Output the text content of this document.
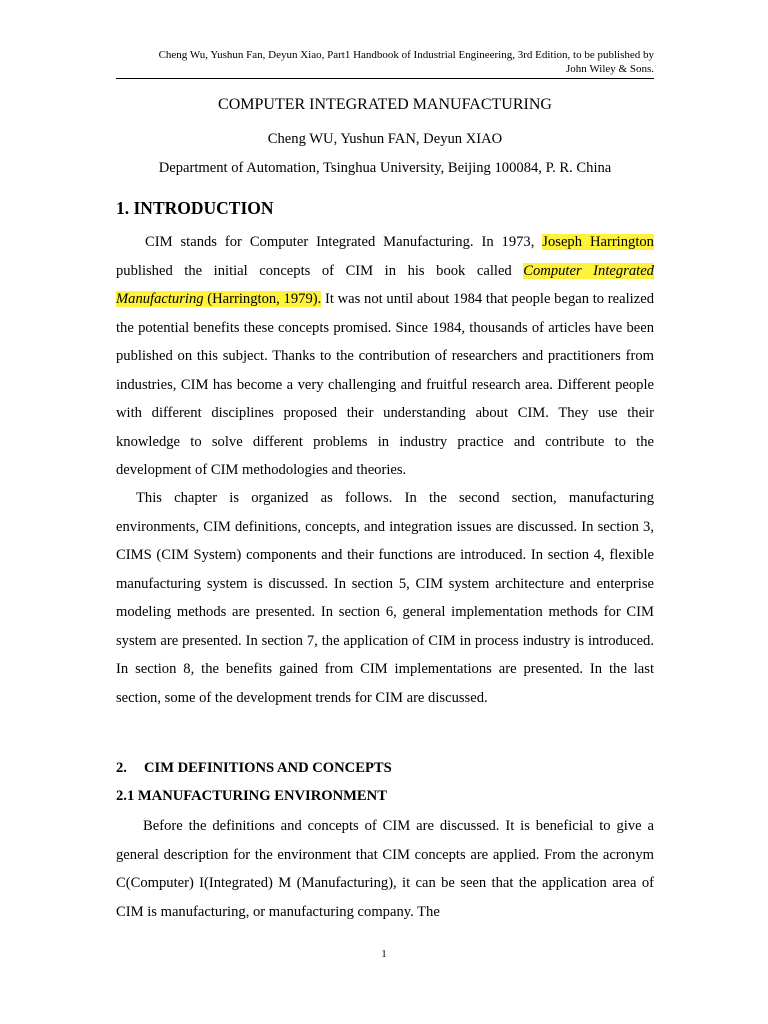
Cheng Wu, Yushun Fan, Deyun Xiao, Part1 Handbook of Industrial Engineering, 3rd Edition, to be published by
John Wiley & Sons.
COMPUTER INTEGRATED MANUFACTURING
Cheng WU, Yushun FAN, Deyun XIAO
Department of Automation, Tsinghua University, Beijing 100084, P. R. China
1. INTRODUCTION

CIM stands for Computer Integrated Manufacturing. In 1973, Joseph Harrington published the initial concepts of CIM in his book called Computer Integrated Manufacturing (Harrington, 1979). It was not until about 1984 that people began to realized the potential benefits these concepts promised. Since 1984, thousands of articles have been published on this subject. Thanks to the contribution of researchers and practitioners from industries, CIM has become a very challenging and fruitful research area. Different people with different disciplines proposed their understanding about CIM. They use their knowledge to solve different problems in industry practice and contribute to the development of CIM methodologies and theories.

This chapter is organized as follows. In the second section, manufacturing environments, CIM definitions, concepts, and integration issues are discussed. In section 3, CIMS (CIM System) components and their functions are introduced. In section 4, flexible manufacturing system is discussed. In section 5, CIM system architecture and enterprise modeling methods are presented. In section 6, general implementation methods for CIM system are presented. In section 7, the application of CIM in process industry is introduced. In section 8, the benefits gained from CIM implementations are presented. In the last section, some of the development trends for CIM are discussed.

2. CIM DEFINITIONS AND CONCEPTS
2.1 MANUFACTURING ENVIRONMENT

Before the definitions and concepts of CIM are discussed. It is beneficial to give a general description for the environment that CIM concepts are applied. From the acronym C(Computer) I(Integrated) M (Manufacturing), it can be seen that the application area of CIM is manufacturing, or manufacturing company. The

1
